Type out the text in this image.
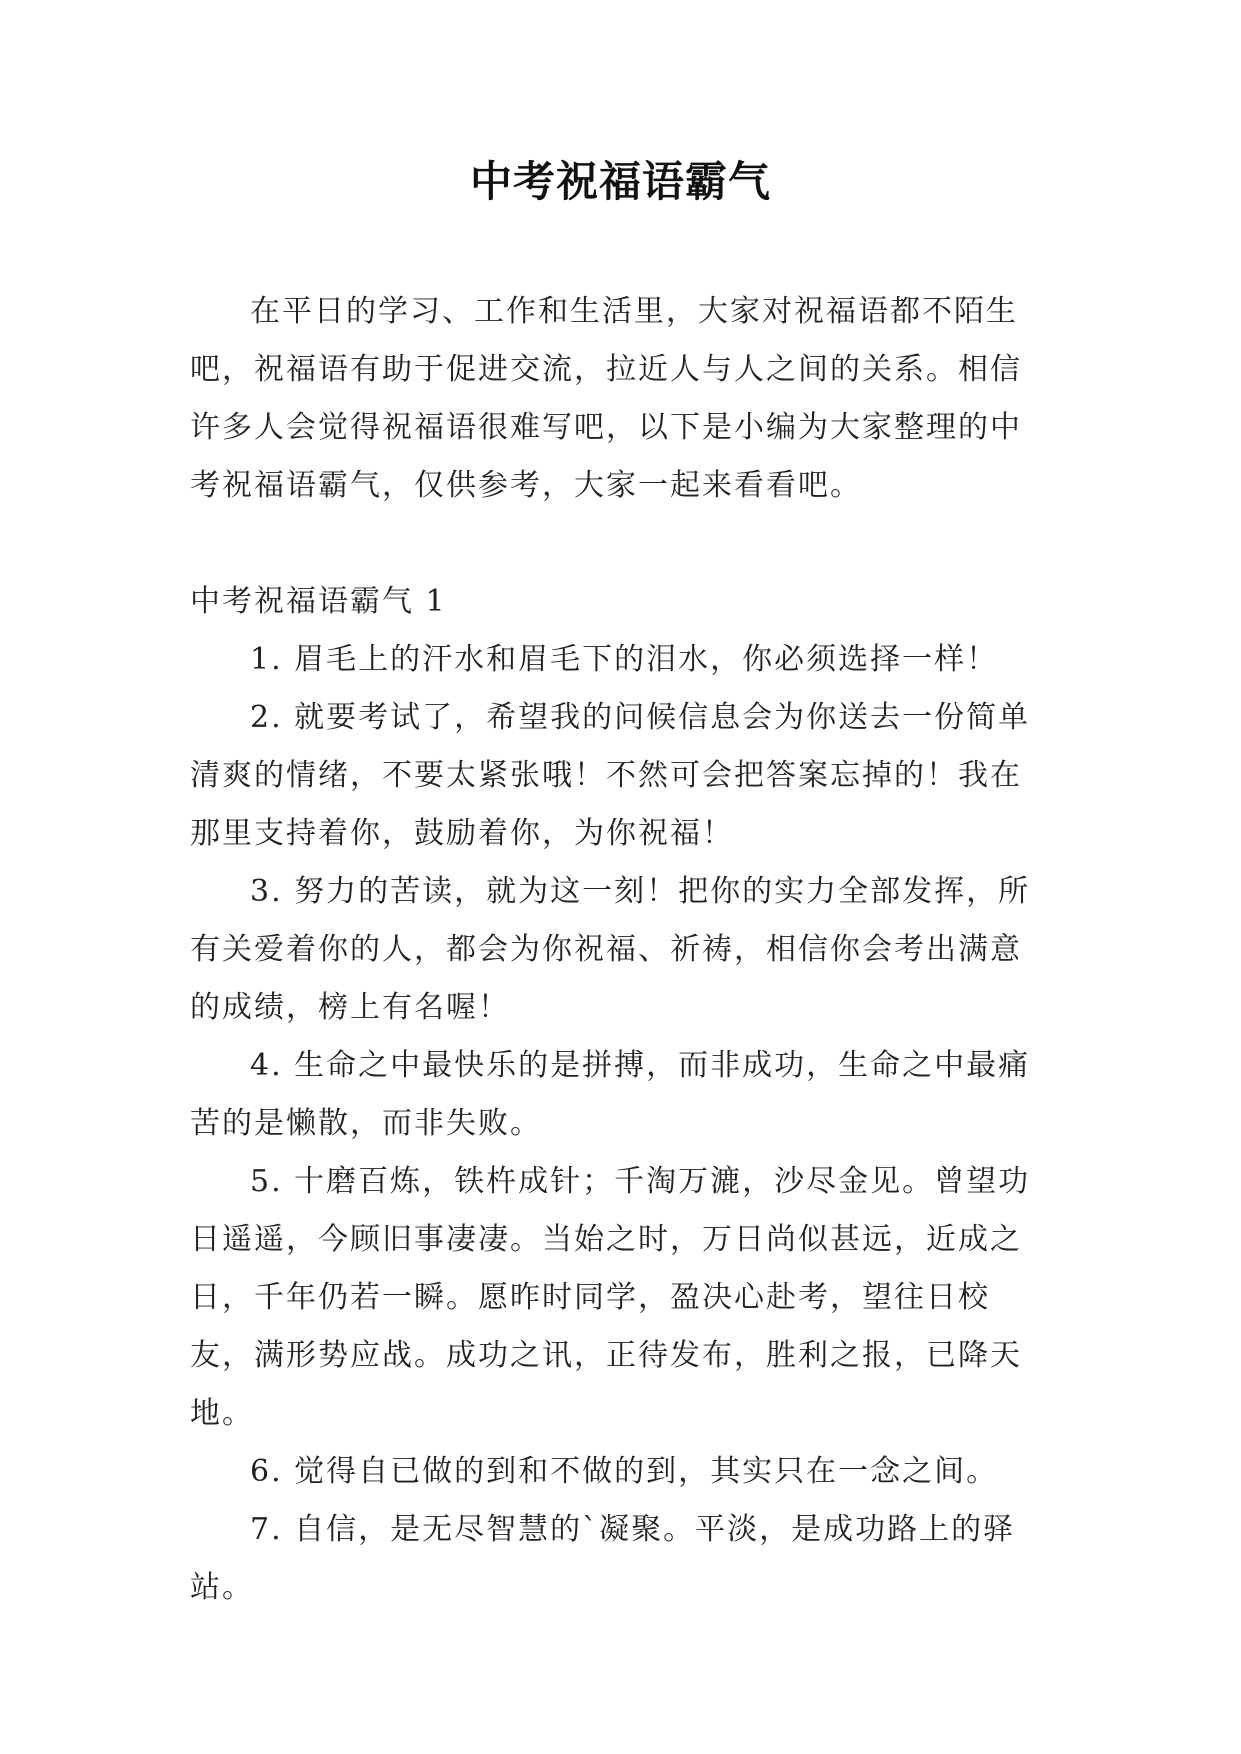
中考祝福语霸气

在平日的学习、工作和生活里，大家对祝福语都不陌生吧，祝福语有助于促进交流，拉近人与人之间的关系。相信许多人会觉得祝福语很难写吧，以下是小编为大家整理的中考祝福语霸气，仅供参考，大家一起来看看吧。

中考祝福语霸气 1

1. 眉毛上的汗水和眉毛下的泪水，你必须选择一样！

2. 就要考试了，希望我的问候信息会为你送去一份简单清爽的情绪，不要太紧张哦！不然可会把答案忘掉的！我在那里支持着你，鼓励着你，为你祝福！

3. 努力的苦读，就为这一刻！把你的实力全部发挥，所有关爱着你的人，都会为你祝福、祈祷，相信你会考出满意的成绩，榜上有名喔！

4. 生命之中最快乐的是拼搏，而非成功，生命之中最痛苦的是懒散，而非失败。

5. 十磨百炼，铁杵成针；千淘万漉，沙尽金见。曾望功日遥遥，今顾旧事凄凄。当始之时，万日尚似甚远，近成之日，千年仍若一瞬。愿昨时同学，盈决心赴考，望往日校友，满形势应战。成功之讯，正待发布，胜利之报，已降天地。

6. 觉得自已做的到和不做的到，其实只在一念之间。

7. 自信，是无尽智慧的`凝聚。平淡，是成功路上的驿站。
